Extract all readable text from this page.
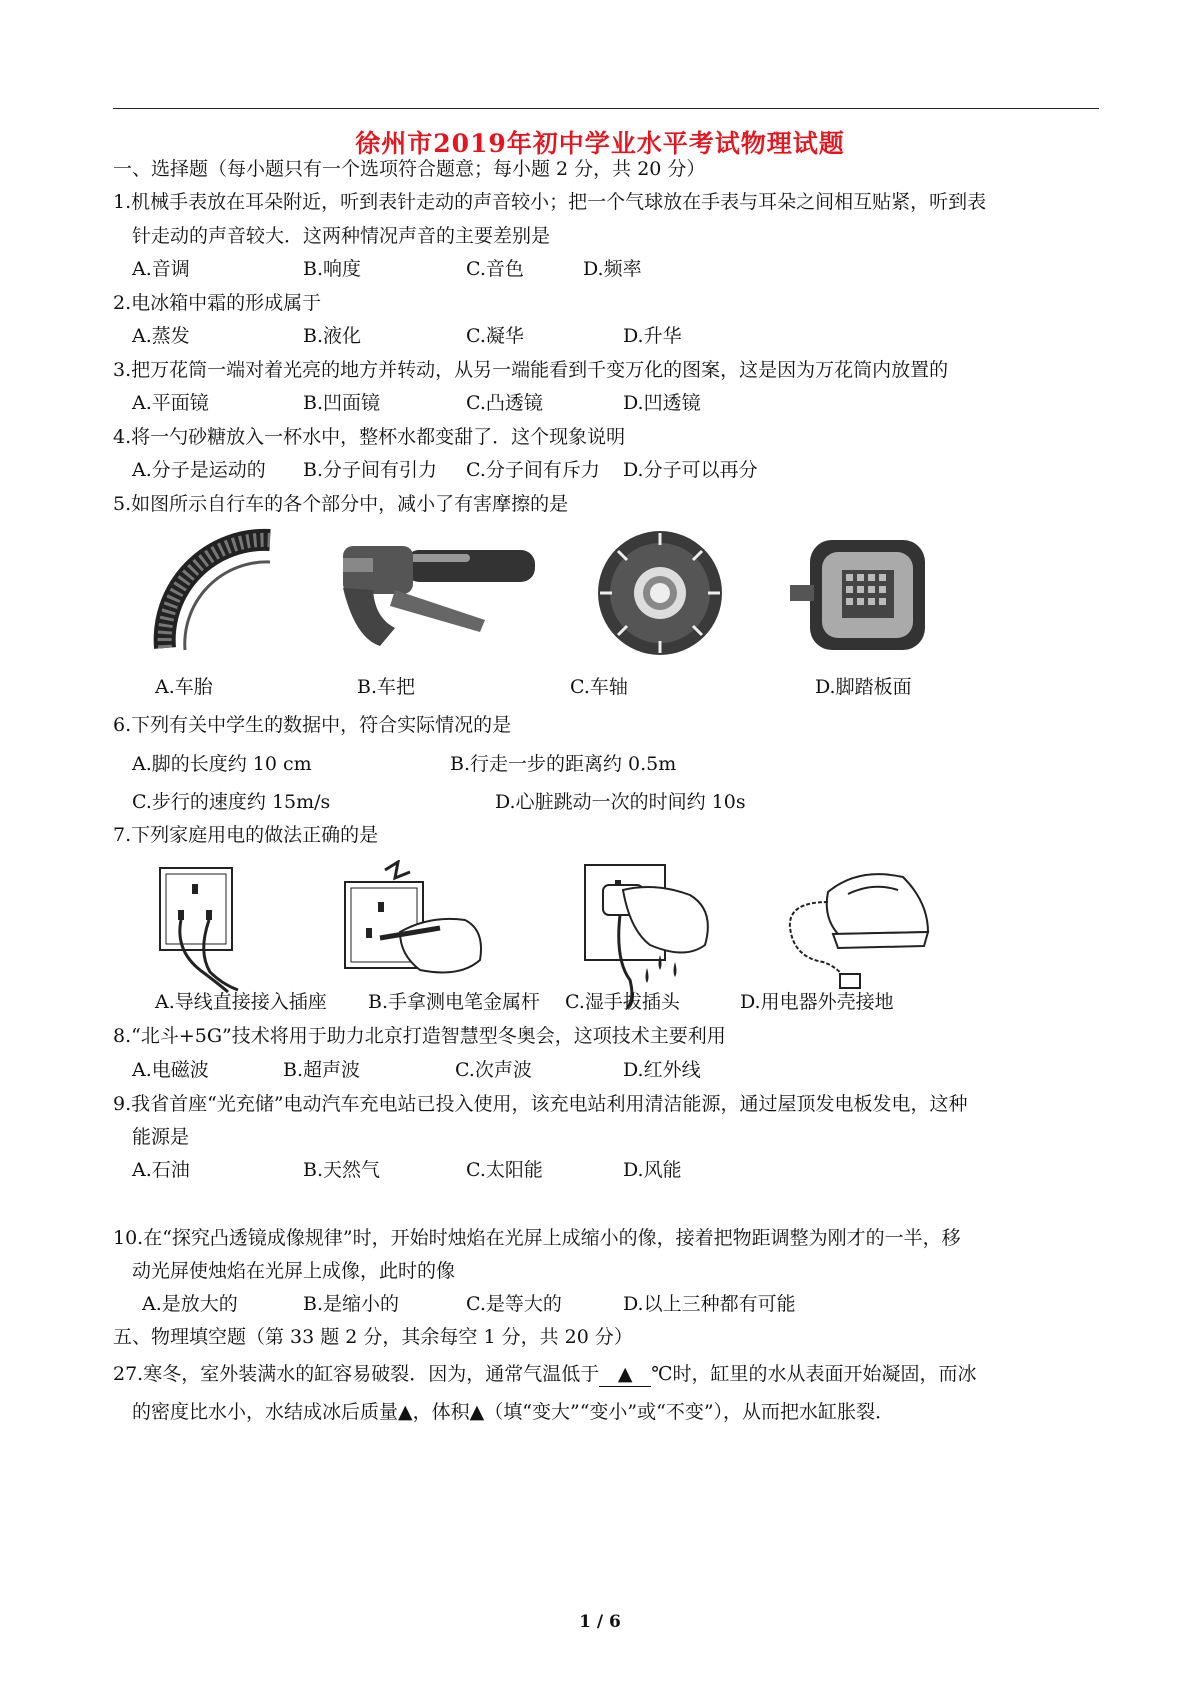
徐州市2019年初中学业水平考试物理试题
一、选择题（每小题只有一个选项符合题意；每小题 2 分，共 20 分）
1.机械手表放在耳朵附近，听到表针走动的声音较小；把一个气球放在手表与耳朵之间相互贴紧，听到表
针走动的声音较大．这两种情况声音的主要差别是
A.音调	B.响度	C.音色	D.频率
2.电冰箱中霜的形成属于
A.蒸发	B.液化	C.凝华	D.升华
3.把万花筒一端对着光亮的地方并转动，从另一端能看到千变万化的图案，这是因为万花筒内放置的
A.平面镜	B.凹面镜	C.凸透镜	D.凹透镜
4.将一勺砂糖放入一杯水中，整杯水都变甜了．这个现象说明
A.分子是运动的 B.分子间有引力 C.分子间有斥力 D.分子可以再分
5.如图所示自行车的各个部分中，减小了有害摩擦的是
A.车胎	B.车把	C.车轴	D.脚踏板面
6.下列有关中学生的数据中，符合实际情况的是
A.脚的长度约 10 cm	B.行走一步的距离约 0.5m
C.步行的速度约 15m/s	D.心脏跳动一次的时间约 10s
7.下列家庭用电的做法正确的是
A.导线直接接入插座 B.手拿测电笔金属杆 C.湿手拔插头	D.用电器外壳接地
8.“北斗+5G”技术将用于助力北京打造智慧型冬奥会，这项技术主要利用
A.电磁波	B.超声波	C.次声波	D.红外线
9.我省首座“光充储”电动汽车充电站已投入使用，该充电站利用清洁能源，通过屋顶发电板发电，这种
能源是
A.石油	B.天然气	C.太阳能	D.风能
10.在“探究凸透镜成像规律”时，开始时烛焰在光屏上成缩小的像，接着把物距调整为刚才的一半，移
动光屏使烛焰在光屏上成像，此时的像
A.是放大的	B.是缩小的	C.是等大的	D.以上三种都有可能
五、物理填空题（第 33 题 2 分，其余每空 1 分，共 20 分）
27.寒冬，室外装满水的缸容易破裂．因为，通常气温低于 ▲ ℃时，缸里的水从表面开始凝固，而冰
的密度比水小，水结成冰后质量▲，体积▲（填“变大”“变小”或“不变”），从而把水缸胀裂．
1 / 6
